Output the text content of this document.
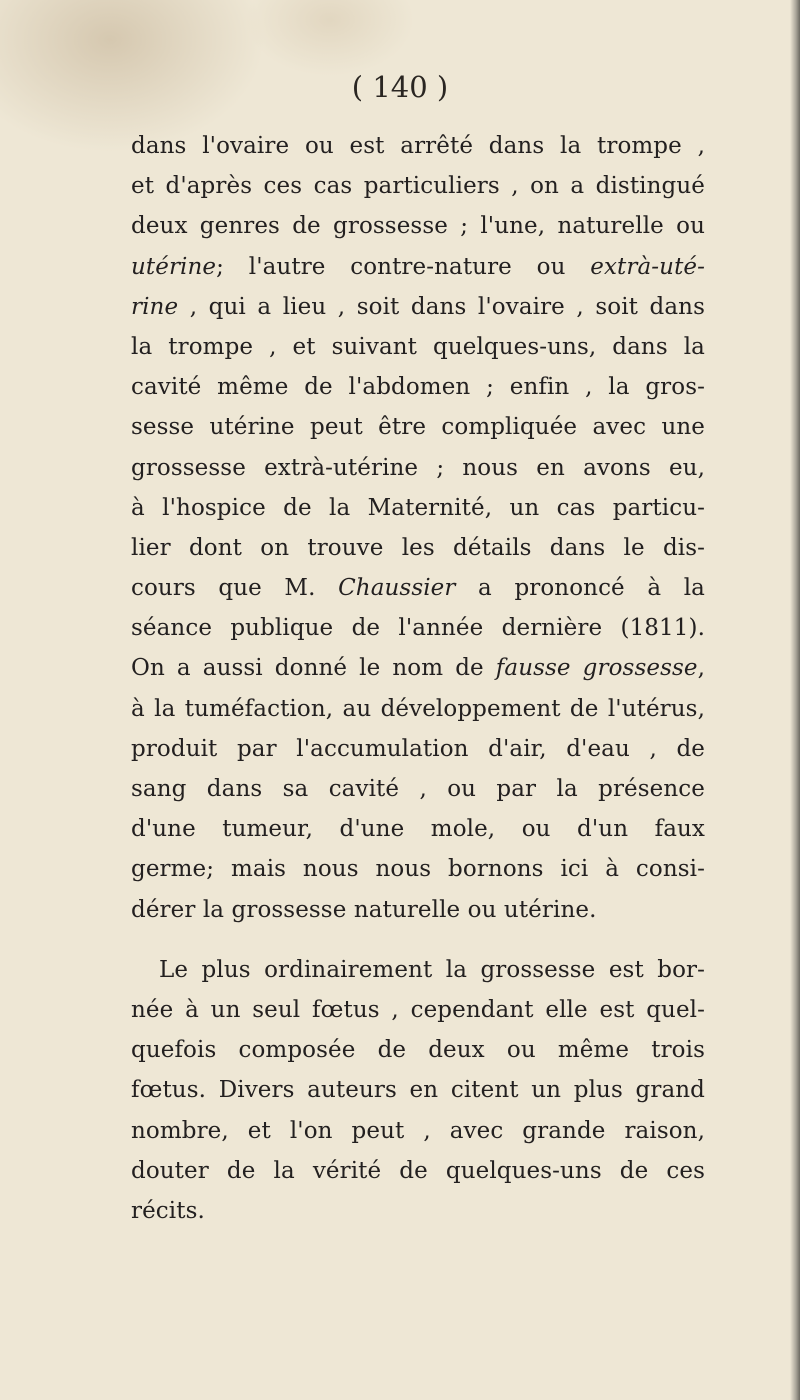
( 140 )
dans l'ovaire ou est arrêté dans la trompe ,
et d'après ces cas particuliers , on a distingué
deux genres de grossesse ; l'une, naturelle ou
utérine; l'autre contre-nature ou extrà-uté-
rine , qui a lieu , soit dans l'ovaire , soit dans
la trompe , et suivant quelques-uns, dans la
cavité même de l'abdomen ; enfin , la gros-
sesse utérine peut être compliquée avec une
grossesse extrà-utérine ; nous en avons eu,
à l'hospice de la Maternité, un cas particu-
lier dont on trouve les détails dans le dis-
cours que M. Chaussier a prononcé à la
séance publique de l'année dernière (1811).
On a aussi donné le nom de fausse grossesse,
à la tuméfaction, au développement de l'utérus,
produit par l'accumulation d'air, d'eau , de
sang dans sa cavité , ou par la présence
d'une tumeur, d'une mole, ou d'un faux
germe; mais nous nous bornons ici à consi-
dérer la grossesse naturelle ou utérine.
Le plus ordinairement la grossesse est bor-
née à un seul fœtus , cependant elle est quel-
quefois composée de deux ou même trois
fœtus. Divers auteurs en citent un plus grand
nombre, et l'on peut , avec grande raison,
douter de la vérité de quelques-uns de ces
récits.
